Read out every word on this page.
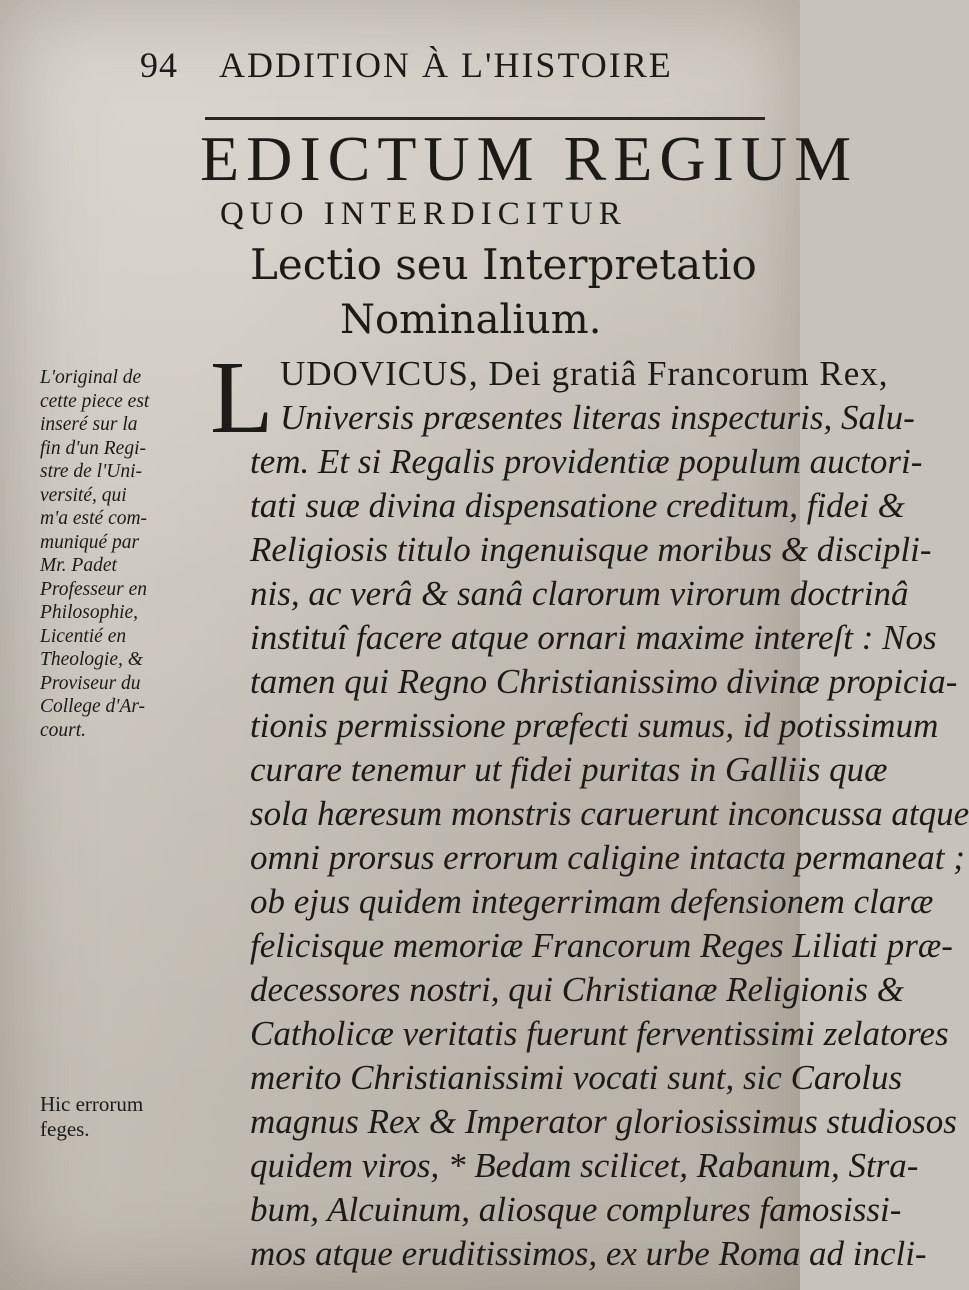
94 ADDITION À L'HISTOIRE
EDICTUM REGIUM
QUO INTERDICITUR
Lectio seu Interpretatio
Nominalium.
L
L'original de
cette piece est
inseré sur la
fin d'un Regi-
stre de l'Uni-
versité, qui
m'a esté com-
muniqué par
Mr. Padet
Professeur en
Philosophie,
Licentié en
Theologie, &
Proviseur du
College d'Ar-
court.
Hic errorum
feges.
UDOVICUS, Dei gratiâ Francorum Rex,
Universis præsentes literas inspecturis, Salu-
tem. Et si Regalis providentiæ populum auctori-
tati suæ divina dispensatione creditum, fidei &
Religiosis titulo ingenuisque moribus & discipli-
nis, ac verâ & sanâ clarorum virorum doctrinâ
instituî facere atque ornari maxime intereſt : Nos
tamen qui Regno Christianissimo divinæ propicia-
tionis permissione præfecti sumus, id potissimum
curare tenemur ut fidei puritas in Galliis quæ
sola hæresum monstris caruerunt inconcussa atque
omni prorsus errorum caligine intacta permaneat ;
ob ejus quidem integerrimam defensionem claræ
felicisque memoriæ Francorum Reges Liliati præ-
decessores nostri, qui Christianæ Religionis &
Catholicæ veritatis fuerunt ferventissimi zelatores
merito Christianissimi vocati sunt, sic Carolus
magnus Rex & Imperator gloriosissimus studiosos
quidem viros, * Bedam scilicet, Rabanum, Stra-
bum, Alcuinum, aliosque complures famosissi-
mos atque eruditissimos, ex urbe Roma ad incli-
